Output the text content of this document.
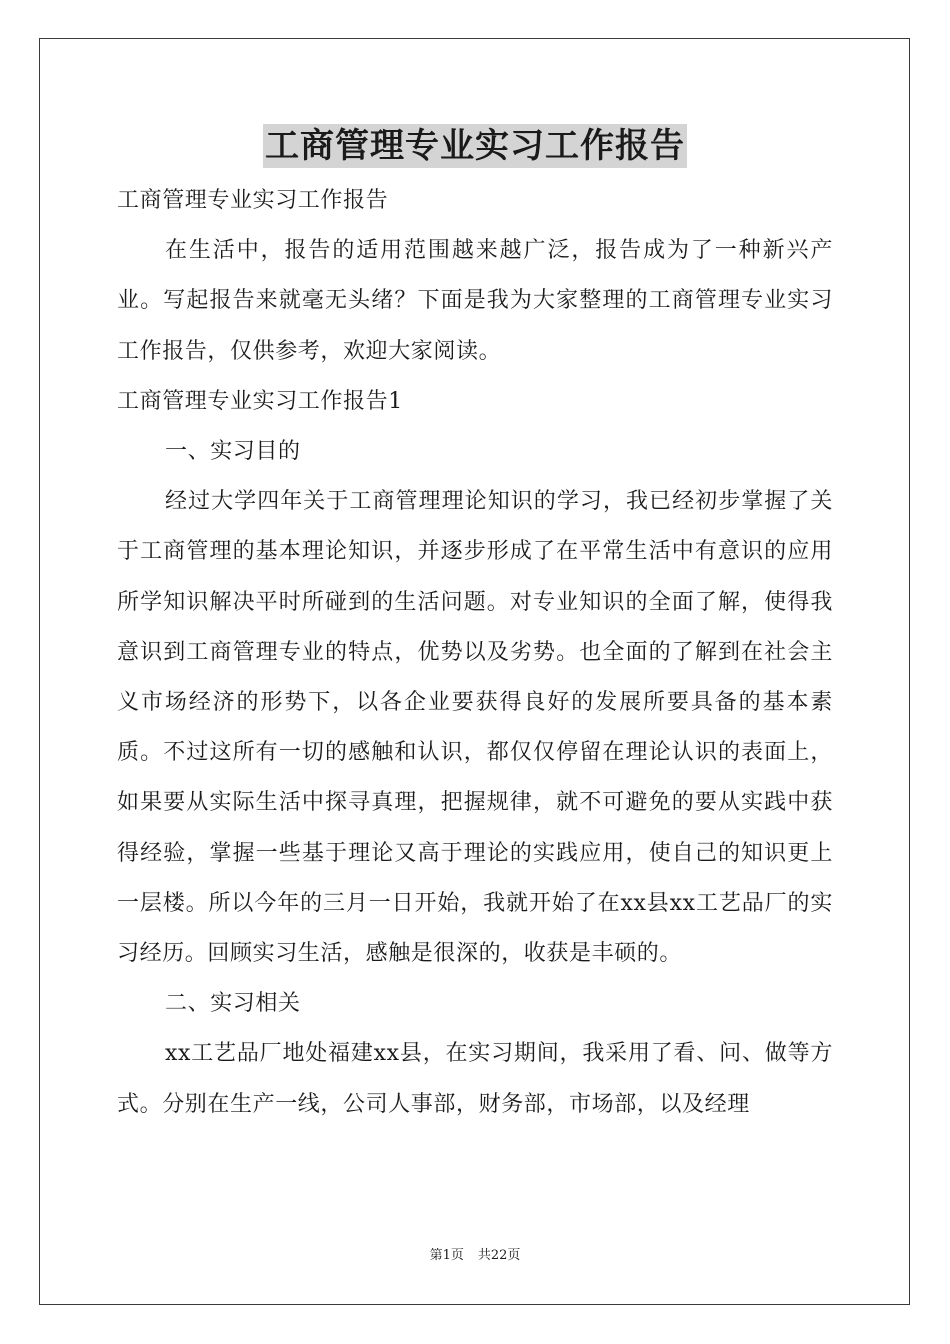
工商管理专业实习工作报告

工商管理专业实习工作报告

在生活中，报告的适用范围越来越广泛，报告成为了一种新兴产业。写起报告来就毫无头绪？下面是我为大家整理的工商管理专业实习工作报告，仅供参考，欢迎大家阅读。

工商管理专业实习工作报告1

一、实习目的

经过大学四年关于工商管理理论知识的学习，我已经初步掌握了关于工商管理的基本理论知识，并逐步形成了在平常生活中有意识的应用所学知识解决平时所碰到的生活问题。对专业知识的全面了解，使得我意识到工商管理专业的特点，优势以及劣势。也全面的了解到在社会主义市场经济的形势下，以各企业要获得良好的发展所要具备的基本素质。不过这所有一切的感触和认识，都仅仅停留在理论认识的表面上，如果要从实际生活中探寻真理，把握规律，就不可避免的要从实践中获得经验，掌握一些基于理论又高于理论的实践应用，使自己的知识更上一层楼。所以今年的三月一日开始，我就开始了在xx县xx工艺品厂的实习经历。回顾实习生活，感触是很深的，收获是丰硕的。

二、实习相关

xx工艺品厂地处福建xx县，在实习期间，我采用了看、问、做等方式。分别在生产一线，公司人事部，财务部，市场部，以及经理

第1页 共22页
